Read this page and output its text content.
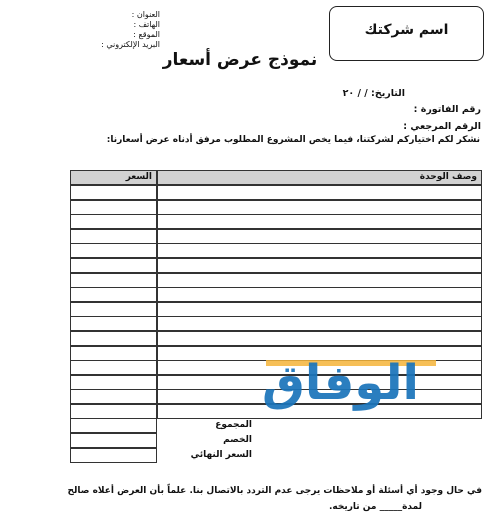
اسم شركتك
العنوان :
الهاتف :
الموقع :
البريد الإلكتروني :
نموذج عرض أسعار
التاريخ: / / ٢٠
رقم الفاتورة :
الرقم المرجعي :
نشكر لكم اختياركم لشركتنا، فيما يخص المشروع المطلوب مرفق أدناه عرض أسعارنا:
السعر	وصف الوحدة
المجموع
الخصم
السعر النهائي
الوفاق
في حال وجود أي أسئلة أو ملاحظات يرجى عدم التردد بالاتصال بنا. علماً بأن العرض أعلاه صالح
لمدة_____ من تاريخه.
